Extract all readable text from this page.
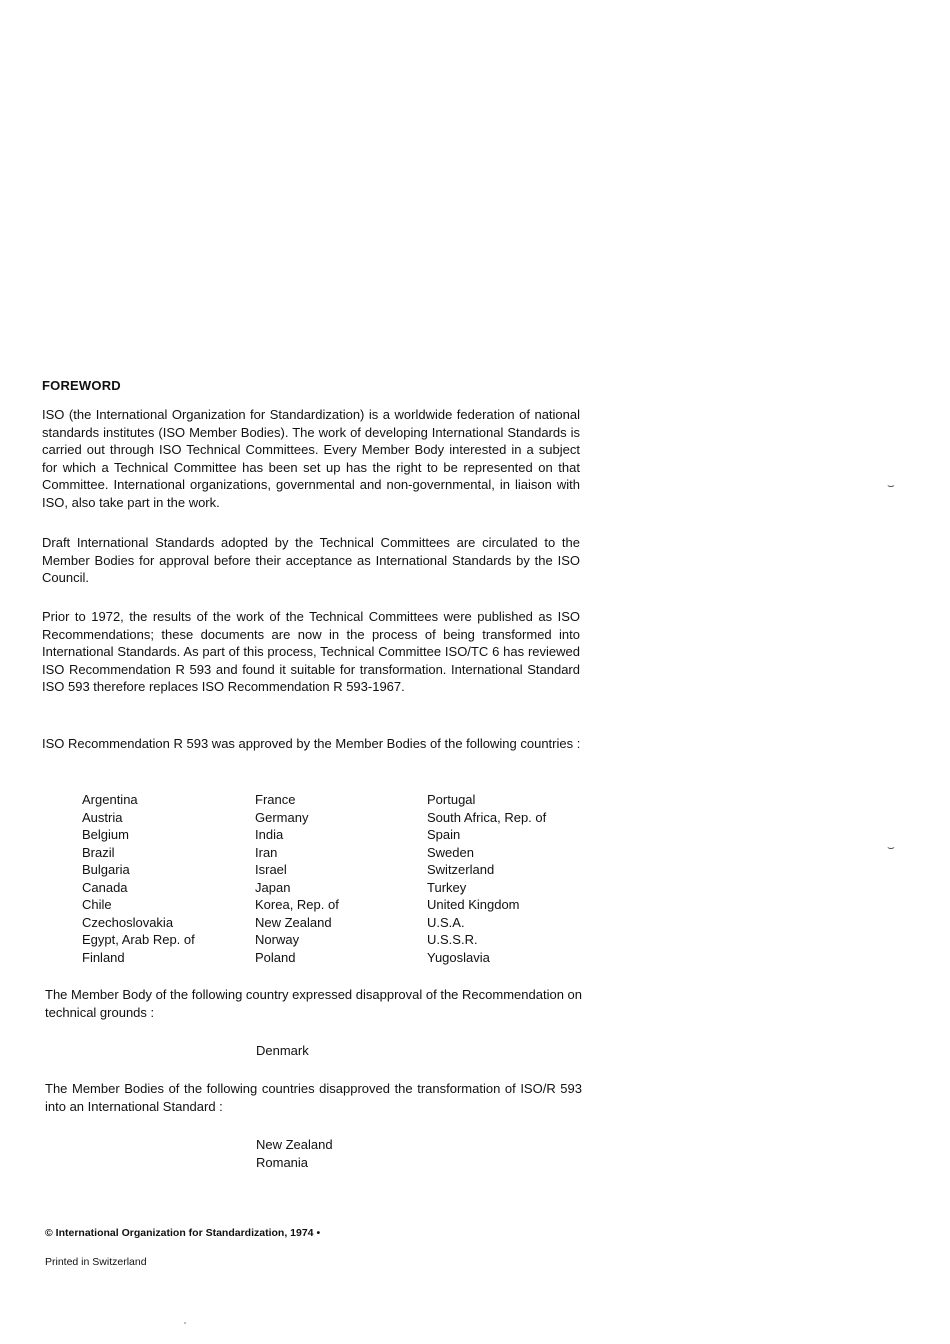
FOREWORD

ISO (the International Organization for Standardization) is a worldwide federation of national standards institutes (ISO Member Bodies). The work of developing International Standards is carried out through ISO Technical Committees. Every Member Body interested in a subject for which a Technical Committee has been set up has the right to be represented on that Committee. International organizations, governmental and non-governmental, in liaison with ISO, also take part in the work.

Draft International Standards adopted by the Technical Committees are circulated to the Member Bodies for approval before their acceptance as International Standards by the ISO Council.

Prior to 1972, the results of the work of the Technical Committees were published as ISO Recommendations; these documents are now in the process of being transformed into International Standards. As part of this process, Technical Committee ISO/TC 6 has reviewed ISO Recommendation R 593 and found it suitable for transformation. International Standard ISO 593 therefore replaces ISO Recommendation R 593-1967.

ISO Recommendation R 593 was approved by the Member Bodies of the following countries :

Argentina
Austria
Belgium
Brazil
Bulgaria
Canada
Chile
Czechoslovakia
Egypt, Arab Rep. of
Finland
France
Germany
India
Iran
Israel
Japan
Korea, Rep. of
New Zealand
Norway
Poland
Portugal
South Africa, Rep. of
Spain
Sweden
Switzerland
Turkey
United Kingdom
U.S.A.
U.S.S.R.
Yugoslavia

The Member Body of the following country expressed disapproval of the Recommendation on technical grounds :

Denmark

The Member Bodies of the following countries disapproved the transformation of ISO/R 593 into an International Standard :

New Zealand
Romania
© International Organization for Standardization, 1974 •
Printed in Switzerland
⌣
⌣
